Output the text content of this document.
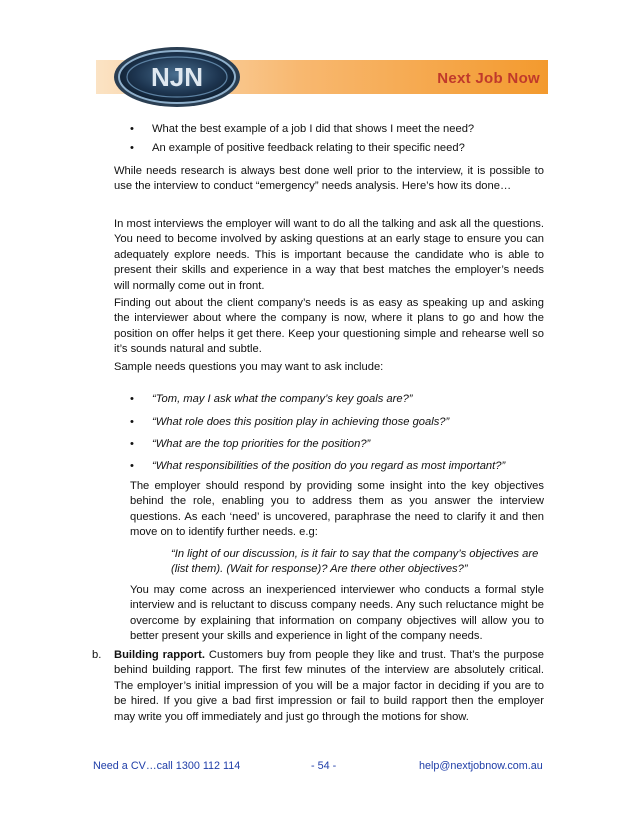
Next Job Now
NJN
• What the best example of a job I did that shows I meet the need?
• An example of positive feedback relating to their specific need?

While needs research is always best done well prior to the interview, it is possible to use the interview to conduct “emergency” needs analysis. Here’s how its done…

In most interviews the employer will want to do all the talking and ask all the questions. You need to become involved by asking questions at an early stage to ensure you can adequately explore needs. This is important because the candidate who is able to present their skills and experience in a way that best matches the employer’s needs will normally come out in front.

Finding out about the client company’s needs is as easy as speaking up and asking the interviewer about where the company is now, where it plans to go and how the position on offer helps it get there. Keep your questioning simple and rehearse well so it’s sounds natural and subtle.

Sample needs questions you may want to ask include:

• “Tom, may I ask what the company’s key goals are?”
• “What role does this position play in achieving those goals?”
• “What are the top priorities for the position?”
• “What responsibilities of the position do you regard as most important?”

The employer should respond by providing some insight into the key objectives behind the role, enabling you to address them as you answer the interview questions. As each ‘need’ is uncovered, paraphrase the need to clarify it and then move on to identify further needs. e.g:

“In light of our discussion, is it fair to say that the company’s objectives are (list them). (Wait for response)? Are there other objectives?”

You may come across an inexperienced interviewer who conducts a formal style interview and is reluctant to discuss company needs. Any such reluctance might be overcome by explaining that information on company objectives will allow you to better present your skills and experience in light of the company needs.

b. Building rapport. Customers buy from people they like and trust. That’s the purpose behind building rapport. The first few minutes of the interview are absolutely critical. The employer’s initial impression of you will be a major factor in deciding if you are to be hired. If you give a bad first impression or fail to build rapport then the employer may write you off immediately and just go through the motions for show.

Need a CV…call 1300 112 114	- 54 -	help@nextjobnow.com.au
